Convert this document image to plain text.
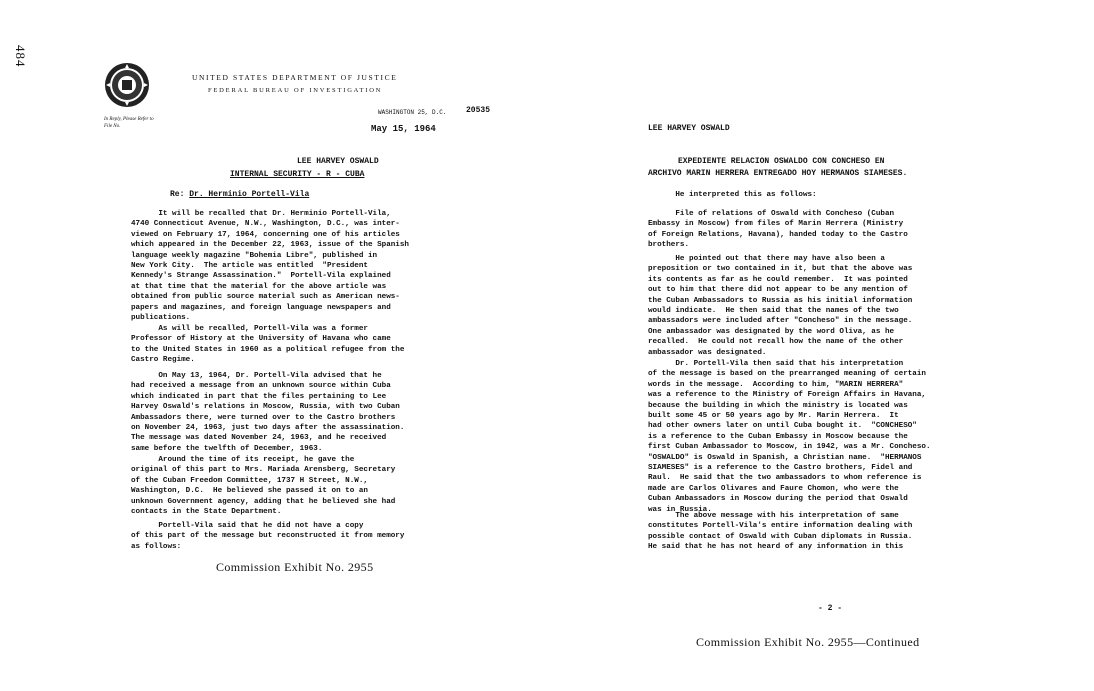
484
UNITED STATES DEPARTMENT OF JUSTICE
FEDERAL BUREAU OF INVESTIGATION
In Reply, Please Refer to
File No.
WASHINGTON 25, D.C. 20535
May 15, 1964
LEE HARVEY OSWALD
INTERNAL SECURITY - R - CUBA
Re: Dr. Herminio Portell-Vila
It will be recalled that Dr. Herminio Portell-Vila,
4740 Connecticut Avenue, N.W., Washington, D.C., was inter-
viewed on February 17, 1964, concerning one of his articles
which appeared in the December 22, 1963, issue of the Spanish
language weekly magazine "Bohemia Libre", published in
New York City.  The article was entitled  "President
Kennedy's Strange Assassination."  Portell-Vila explained
at that time that the material for the above article was
obtained from public source material such as American news-
papers and magazines, and foreign language newspapers and
publications.
As will be recalled, Portell-Vila was a former
Professor of History at the University of Havana who came
to the United States in 1960 as a political refugee from the
Castro Regime.
On May 13, 1964, Dr. Portell-Vila advised that he
had received a message from an unknown source within Cuba
which indicated in part that the files pertaining to Lee
Harvey Oswald's relations in Moscow, Russia, with two Cuban
Ambassadors there, were turned over to the Castro brothers
on November 24, 1963, just two days after the assassination.
The message was dated November 24, 1963, and he received
same before the twelfth of December, 1963.
Around the time of its receipt, he gave the
original of this part to Mrs. Mariada Arensberg, Secretary
of the Cuban Freedom Committee, 1737 H Street, N.W.,
Washington, D.C.  He believed she passed it on to an
unknown Government agency, adding that he believed she had
contacts in the State Department.
Portell-Vila said that he did not have a copy
of this part of the message but reconstructed it from memory
as follows:
Commission Exhibit No. 2955
LEE HARVEY OSWALD
EXPEDIENTE RELACION OSWALDO CON CONCHESO EN
ARCHIVO MARIN HERRERA ENTREGADO HOY HERMANOS SIAMESES.
He interpreted this as follows:
File of relations of Oswald with Concheso (Cuban
Embassy in Moscow) from files of Marin Herrera (Ministry
of Foreign Relations, Havana), handed today to the Castro
brothers.
He pointed out that there may have also been a
preposition or two contained in it, but that the above was
its contents as far as he could remember.  It was pointed
out to him that there did not appear to be any mention of
the Cuban Ambassadors to Russia as his initial information
would indicate.  He then said that the names of the two
ambassadors were included after "Concheso" in the message.
One ambassador was designated by the word Oliva, as he
recalled.  He could not recall how the name of the other
ambassador was designated.
Dr. Portell-Vila then said that his interpretation
of the message is based on the prearranged meaning of certain
words in the message.  According to him, "MARIN HERRERA"
was a reference to the Ministry of Foreign Affairs in Havana,
because the building in which the ministry is located was
built some 45 or 50 years ago by Mr. Marin Herrera.  It
had other owners later on until Cuba bought it.  "CONCHESO"
is a reference to the Cuban Embassy in Moscow because the
first Cuban Ambassador to Moscow, in 1942, was a Mr. Concheso.
"OSWALDO" is Oswald in Spanish, a Christian name.  "HERMANOS
SIAMESES" is a reference to the Castro brothers, Fidel and
Raul.  He said that the two ambassadors to whom reference is
made are Carlos Olivares and Faure Chomon, who were the
Cuban Ambassadors in Moscow during the period that Oswald
was in Russia.
The above message with his interpretation of same
constitutes Portell-Vila's entire information dealing with
possible contact of Oswald with Cuban diplomats in Russia.
He said that he has not heard of any information in this
- 2 -
Commission Exhibit No. 2955—Continued
